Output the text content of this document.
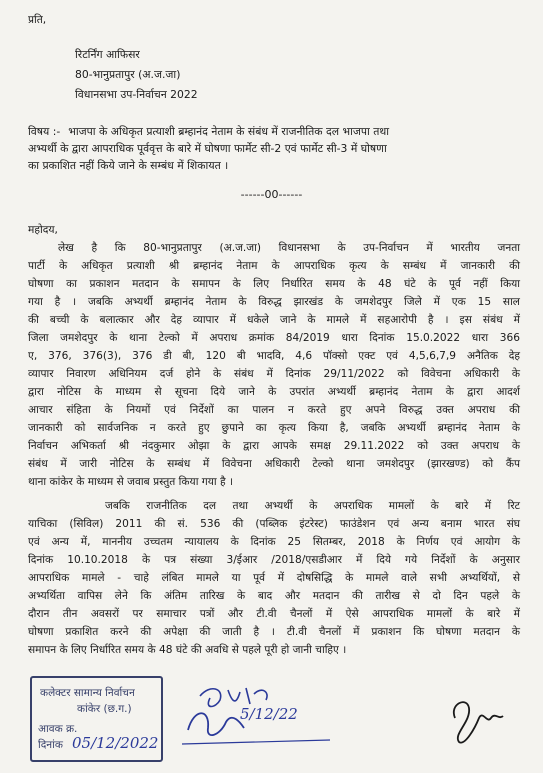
प्रति,
रिटर्निंग आफिसर
80-भानुप्रतापुर (अ.ज.जा)
विधानसभा उप-निर्वाचन 2022
विषय :- भाजपा के अधिकृत प्रत्याशी ब्रम्हानंद नेताम के संबंध में राजनीतिक दल भाजपा तथा
अभ्यर्थी के द्वारा आपराधिक पूर्ववृत्त के बारे में घोषणा फार्मेट सी-2 एवं फार्मेट सी-3 में घोषणा
का प्रकाशित नहीं किये जाने के सम्बंध में शिकायत ।
------00------
महोदय,
लेख है कि 80-भानुप्रतापुर (अ.ज.जा) विधानसभा के उप-निर्वाचन में भारतीय जनता
पार्टी के अधिकृत प्रत्याशी श्री ब्रम्हानंद नेताम के आपराधिक कृत्य के सम्बंध में जानकारी की
घोषणा का प्रकाशन मतदान के समापन के लिए निर्धारित समय के 48 घंटे के पूर्व नहीं किया
गया है । जबकि अभ्यर्थी ब्रम्हानंद नेताम के विरुद्ध झारखंड के जमशेदपुर जिले में एक 15 साल
की बच्ची के बलात्कार और देह व्यापार में धकेले जाने के मामले में सहआरोपी है । इस संबंध में
जिला जमशेदपुर के थाना टेल्को में अपराध क्रमांक 84/2019 धारा दिनांक 15.0.2022 धारा 366
ए, 376, 376(3), 376 डी बी, 120 बी भादवि, 4,6 पॉक्सो एक्ट एवं 4,5,6,7,9 अनैतिक देह
व्यापार निवारण अधिनियम दर्ज होने के संबंध में दिनांक 29/11/2022 को विवेचना अधिकारी के
द्वारा नोटिस के माध्यम से सूचना दिये जाने के उपरांत अभ्यर्थी ब्रम्हानंद नेताम के द्वारा आदर्श
आचार संहिता के नियमों एवं निर्देशों का पालन न करते हुए अपने विरुद्ध उक्त अपराध की
जानकारी को सार्वजनिक न करते हुए छुपाने का कृत्य किया है, जबकि अभ्यर्थी ब्रम्हानंद नेताम के
निर्वाचन अभिकर्ता श्री नंदकुमार ओझा के द्वारा आपके समक्ष 29.11.2022 को उक्त अपराध के
संबंध में जारी नोटिस के सम्बंध में विवेचना अधिकारी टेल्को थाना जमशेदपुर (झारखण्ड) को कैंप
थाना कांकेर के माध्यम से जवाब प्रस्तुत किया गया है ।
जबकि राजनीतिक दल तथा अभ्यर्थी के अपराधिक मामलों के बारे में रिट
याचिका (सिविल) 2011 की सं. 536 की (पब्लिक इंटरेस्ट) फाउंडेशन एवं अन्य बनाम भारत संघ
एवं अन्य में, माननीय उच्चतम न्यायालय के दिनांक 25 सितम्बर, 2018 के निर्णय एवं आयोग के
दिनांक 10.10.2018 के पत्र संख्या 3/ईआर /2018/एसडीआर में दिये गये निर्देशों के अनुसार
आपराधिक मामले - चाहे लंबित मामले या पूर्व में दोषसिद्धि के मामले वाले सभी अभ्यर्थियों, से
अभ्यर्थिता वापिस लेने कि अंतिम तारिख के बाद और मतदान की तारीख से दो दिन पहले के
दौरान तीन अवसरों पर समाचार पत्रों और टी.वी चैनलों में ऐसे आपराधिक मामलों के बारे में
घोषणा प्रकाशित करने की अपेक्षा की जाती है । टी.वी चैनलों में प्रकाशन कि घोषणा मतदान के
समापन के लिए निर्धारित समय के 48 घंटे की अवधि से पहले पूरी हो जानी चाहिए ।
कलेक्टर सामान्य निर्वाचन
कांकेर (छ.ग.)
आवक क्र.
दिनांक 05/12/2022
5/12/22
